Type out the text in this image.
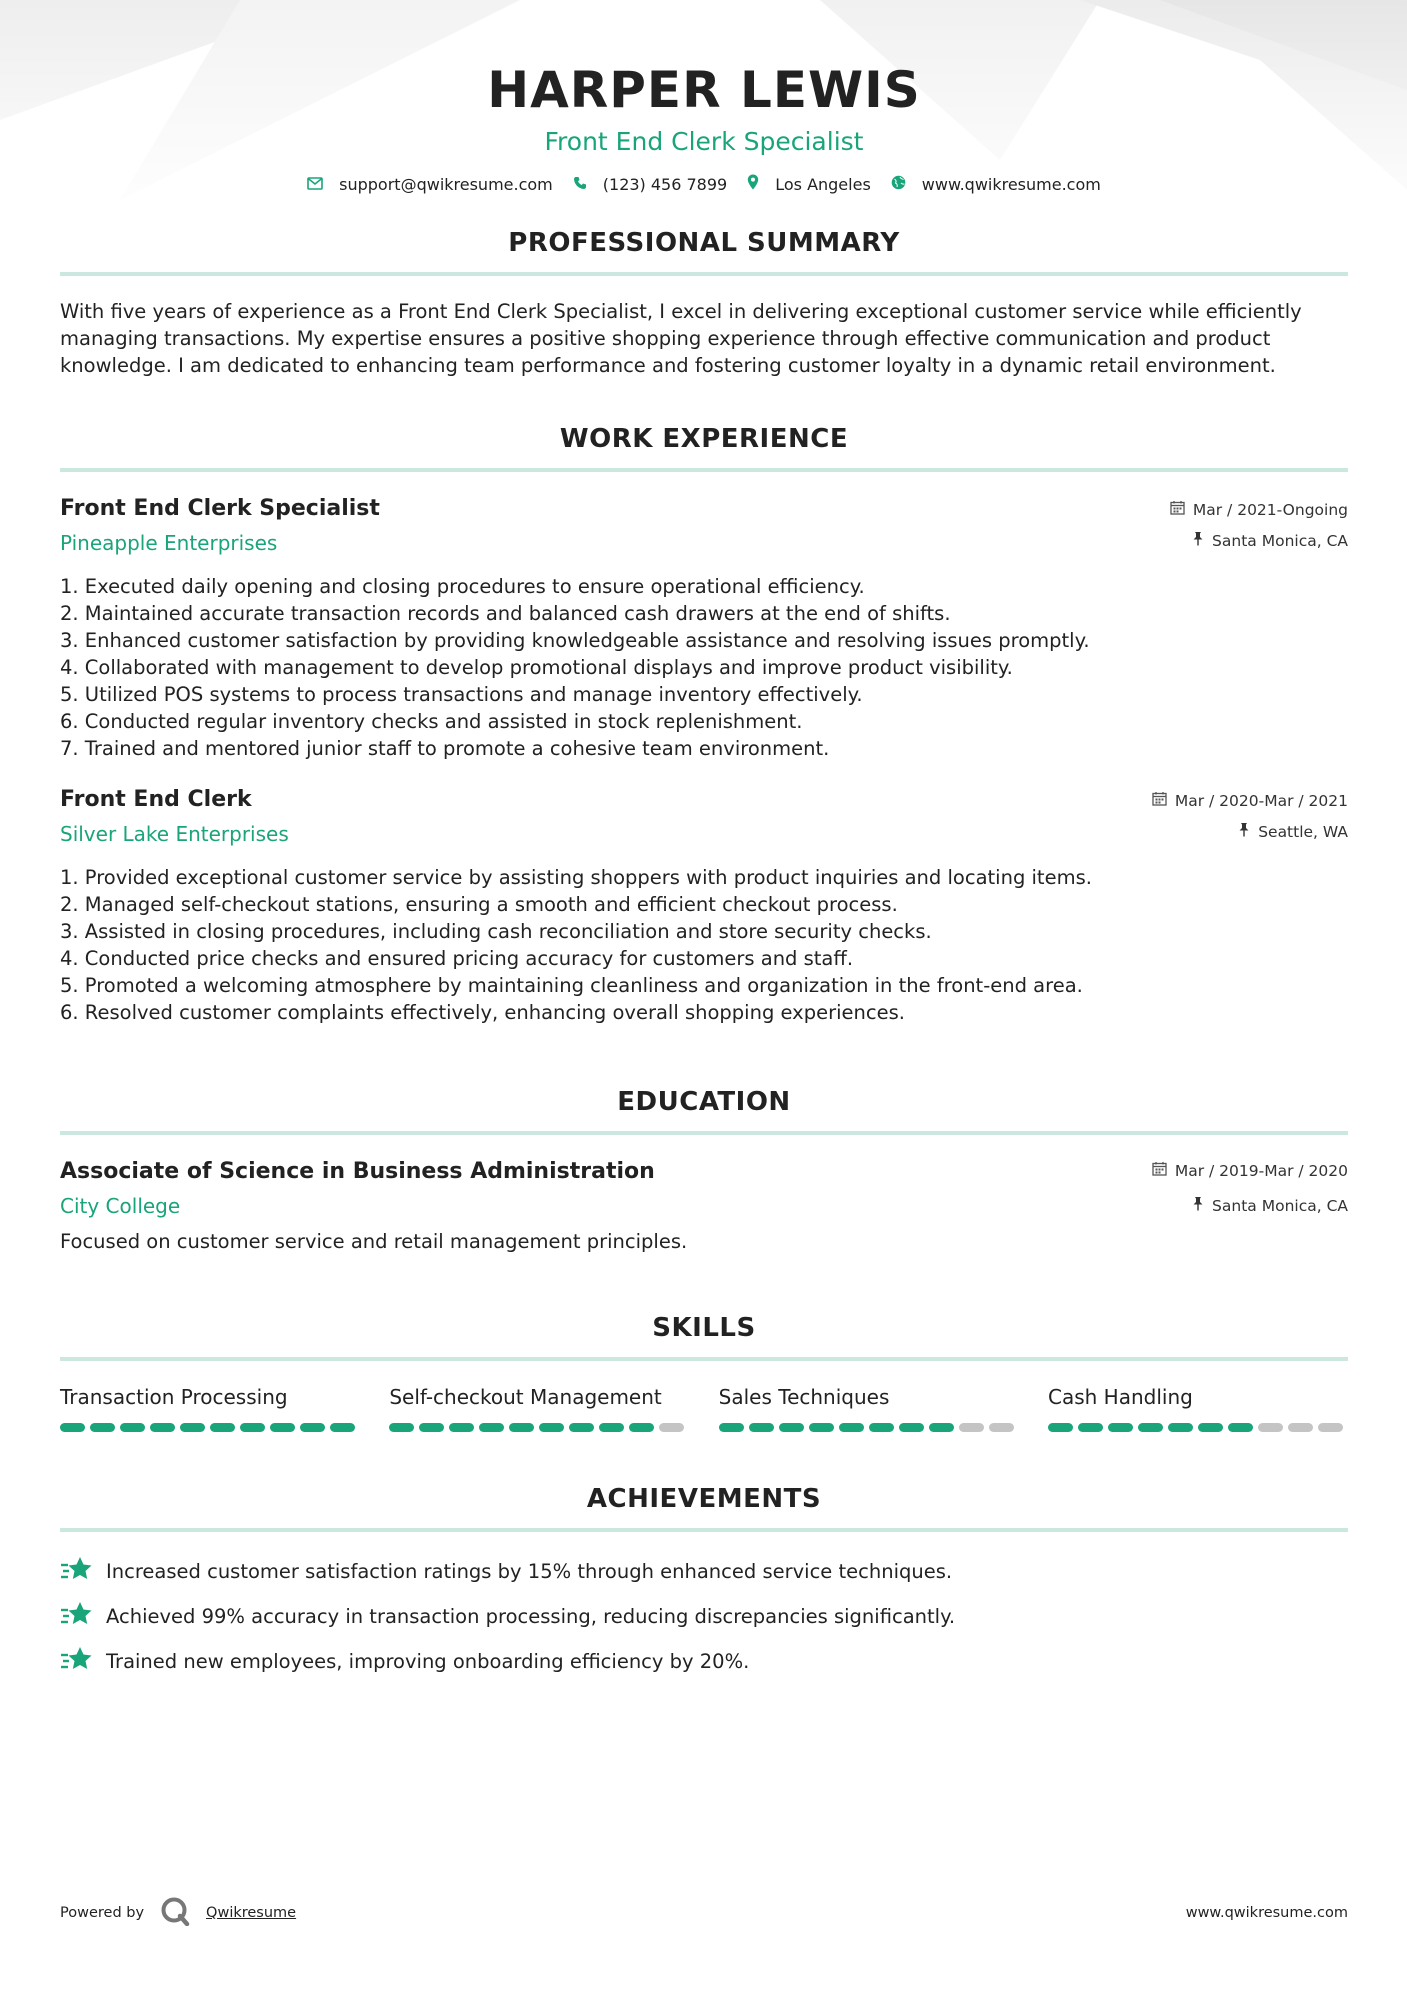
HARPER LEWIS
Front End Clerk Specialist
support@qwikresume.com	(123) 456 7899	Los Angeles	www.qwikresume.com
PROFESSIONAL SUMMARY
With five years of experience as a Front End Clerk Specialist, I excel in delivering exceptional customer service while efficiently managing transactions. My expertise ensures a positive shopping experience through effective communication and product knowledge. I am dedicated to enhancing team performance and fostering customer loyalty in a dynamic retail environment.
WORK EXPERIENCE
Front End Clerk Specialist
Pineapple Enterprises
Mar / 2021-Ongoing
Santa Monica, CA
1. Executed daily opening and closing procedures to ensure operational efficiency.
2. Maintained accurate transaction records and balanced cash drawers at the end of shifts.
3. Enhanced customer satisfaction by providing knowledgeable assistance and resolving issues promptly.
4. Collaborated with management to develop promotional displays and improve product visibility.
5. Utilized POS systems to process transactions and manage inventory effectively.
6. Conducted regular inventory checks and assisted in stock replenishment.
7. Trained and mentored junior staff to promote a cohesive team environment.
Front End Clerk
Silver Lake Enterprises
Mar / 2020-Mar / 2021
Seattle, WA
1. Provided exceptional customer service by assisting shoppers with product inquiries and locating items.
2. Managed self-checkout stations, ensuring a smooth and efficient checkout process.
3. Assisted in closing procedures, including cash reconciliation and store security checks.
4. Conducted price checks and ensured pricing accuracy for customers and staff.
5. Promoted a welcoming atmosphere by maintaining cleanliness and organization in the front-end area.
6. Resolved customer complaints effectively, enhancing overall shopping experiences.
EDUCATION
Associate of Science in Business Administration
City College
Mar / 2019-Mar / 2020
Santa Monica, CA
Focused on customer service and retail management principles.
SKILLS
Transaction Processing	Self-checkout Management	Sales Techniques	Cash Handling
ACHIEVEMENTS
Increased customer satisfaction ratings by 15% through enhanced service techniques.
Achieved 99% accuracy in transaction processing, reducing discrepancies significantly.
Trained new employees, improving onboarding efficiency by 20%.
Powered by	Qwikresume	www.qwikresume.com
